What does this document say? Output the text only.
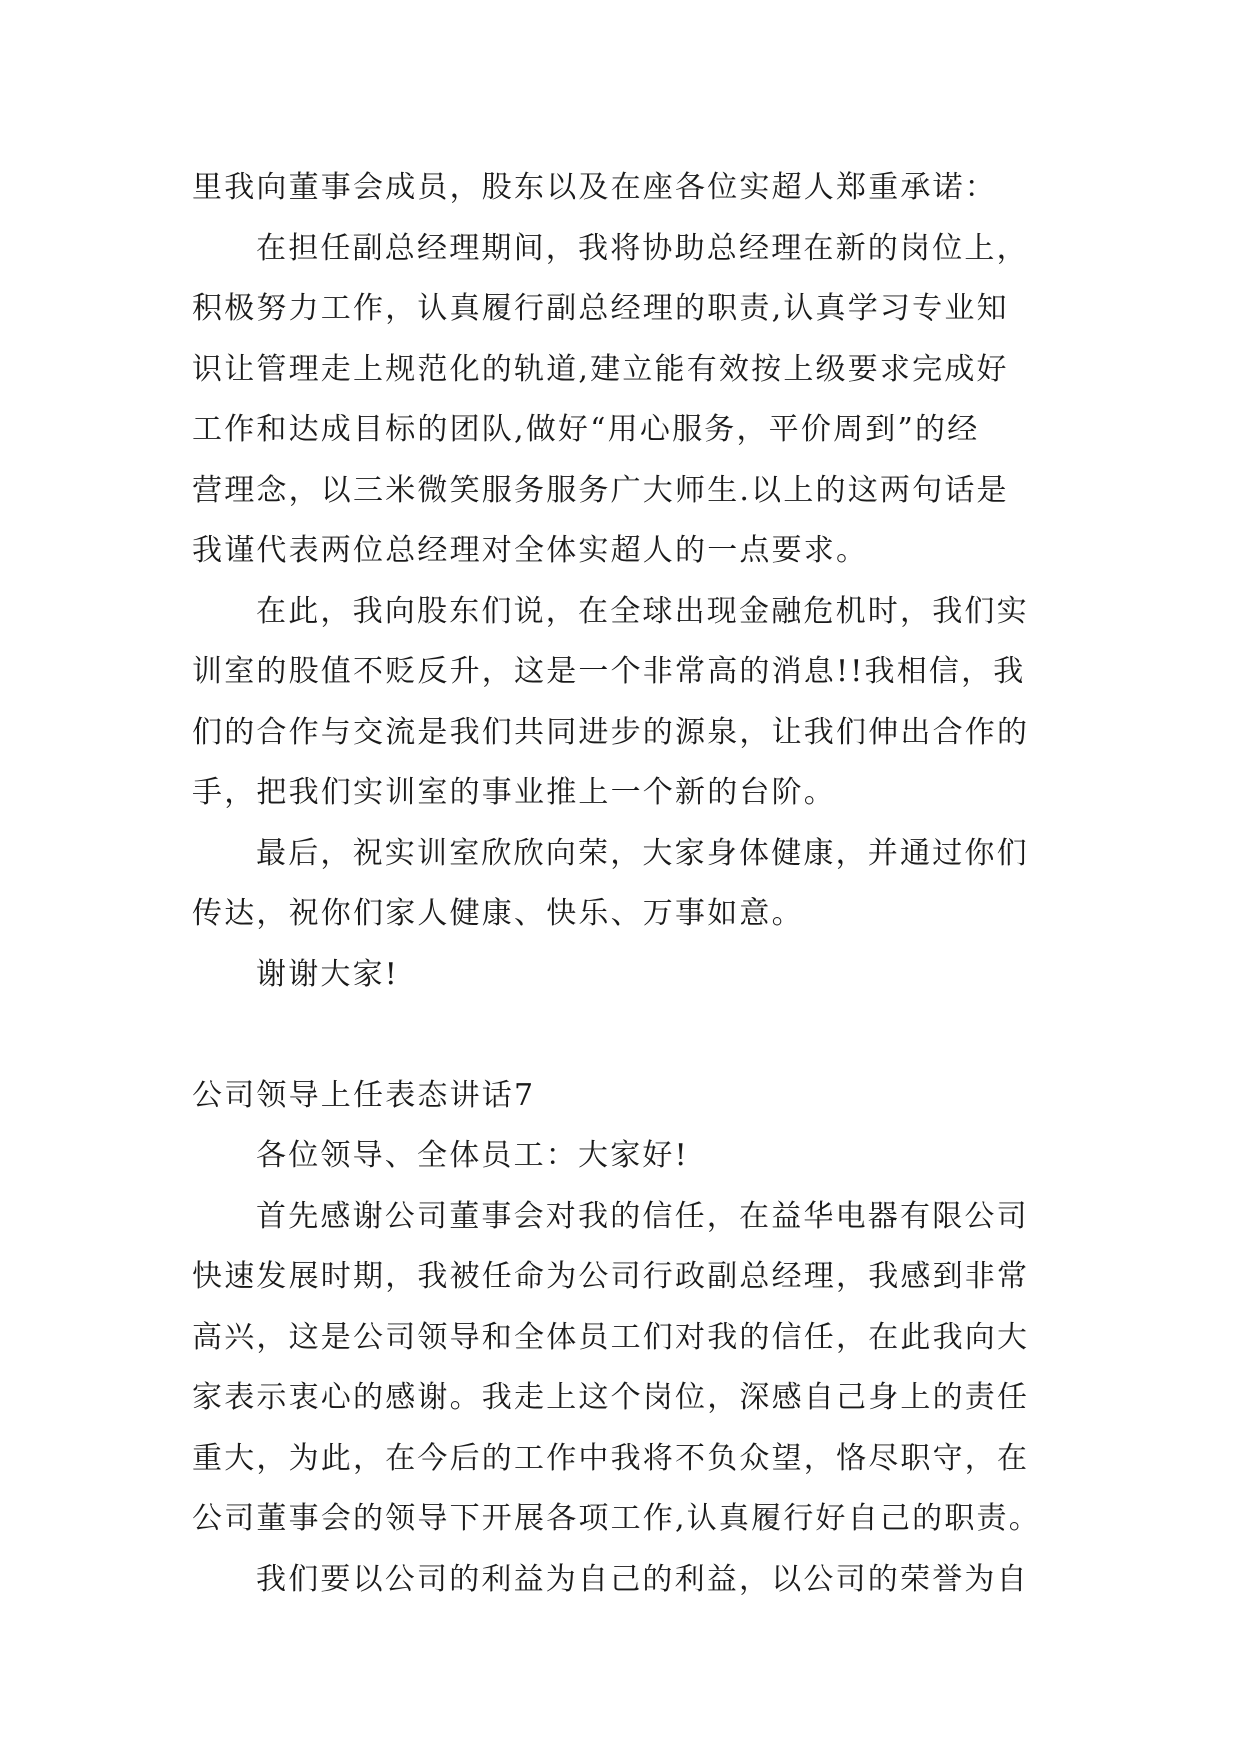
里我向董事会成员，股东以及在座各位实超人郑重承诺：
在担任副总经理期间，我将协助总经理在新的岗位上，
积极努力工作，认真履行副总经理的职责,认真学习专业知
识让管理走上规范化的轨道,建立能有效按上级要求完成好
工作和达成目标的团队,做好“用心服务，平价周到”的经
营理念，以三米微笑服务服务广大师生.以上的这两句话是
我谨代表两位总经理对全体实超人的一点要求。
在此，我向股东们说，在全球出现金融危机时，我们实
训室的股值不贬反升，这是一个非常高的消息!!我相信，我
们的合作与交流是我们共同进步的源泉，让我们伸出合作的
手，把我们实训室的事业推上一个新的台阶。
最后，祝实训室欣欣向荣，大家身体健康，并通过你们
传达，祝你们家人健康、快乐、万事如意。
谢谢大家!
公司领导上任表态讲话7
各位领导、全体员工：大家好!
首先感谢公司董事会对我的信任，在益华电器有限公司
快速发展时期，我被任命为公司行政副总经理，我感到非常
高兴，这是公司领导和全体员工们对我的信任，在此我向大
家表示衷心的感谢。我走上这个岗位，深感自己身上的责任
重大，为此，在今后的工作中我将不负众望，恪尽职守，在
公司董事会的领导下开展各项工作,认真履行好自己的职责。
我们要以公司的利益为自己的利益，以公司的荣誉为自
